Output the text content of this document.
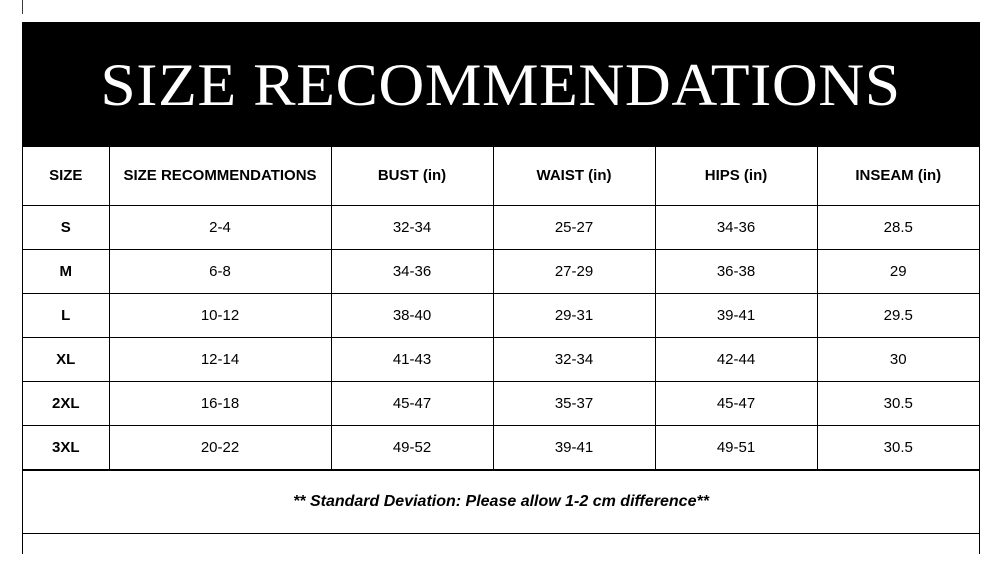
SIZE RECOMMENDATIONS
SIZE	SIZE RECOMMENDATIONS	BUST (in)	WAIST (in)	HIPS (in)	INSEAM (in)
S	2-4	32-34	25-27	34-36	28.5
M	6-8	34-36	27-29	36-38	29
L	10-12	38-40	29-31	39-41	29.5
XL	12-14	41-43	32-34	42-44	30
2XL	16-18	45-47	35-37	45-47	30.5
3XL	20-22	49-52	39-41	49-51	30.5
** Standard Deviation: Please allow 1-2 cm difference**
